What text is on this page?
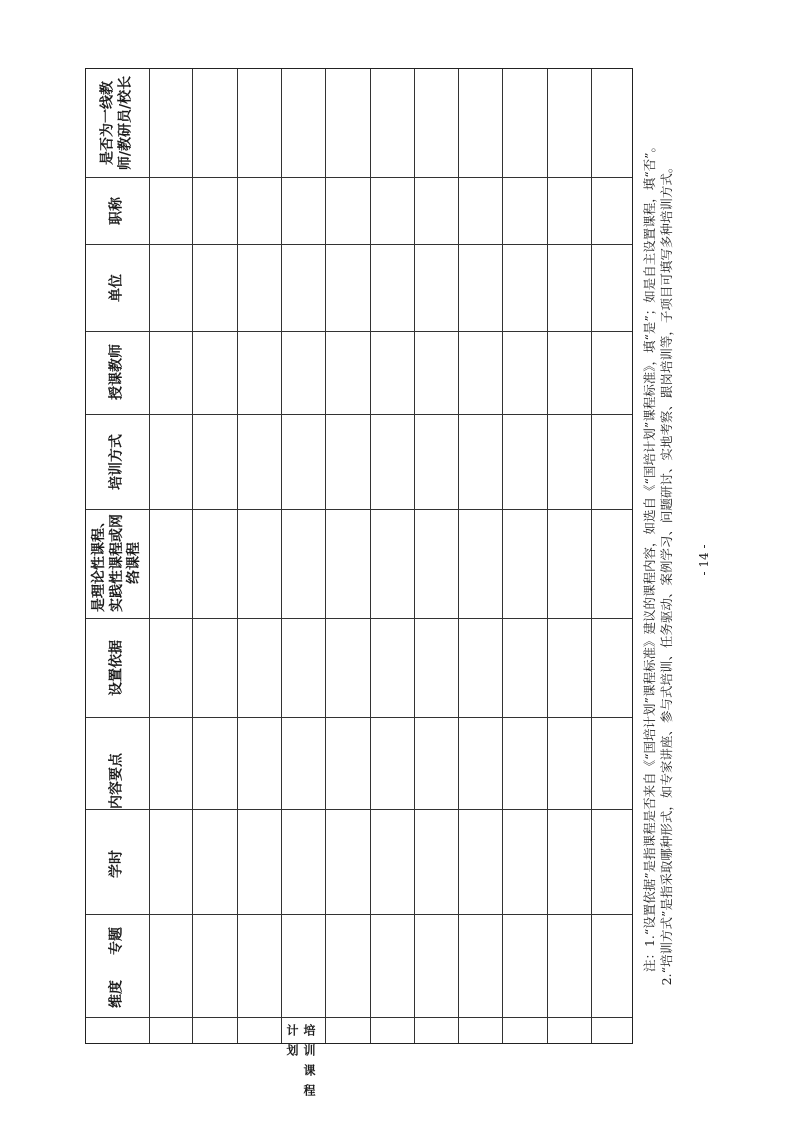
维度
专题
学时
内容要点
设置依据
是理论性课程、 实践性课程或网 络课程
培训方式
授课教师
单位
职称
是否为一线教 师/教研员/校长
培训课程计划
注：1.“设置依据”是指课程是否来自《“国培计划”课程标准》建议的课程内容，如选自《“国培计划”课程标准》，填“是”；如是自主设置课程，填“否”。 2.“培训方式”是指采取哪种形式，如专家讲座、参与式培训、任务驱动、案例学习、问题研讨、实地考察、跟岗培训等，子项目可填写多种培训方式。 - 14 -
